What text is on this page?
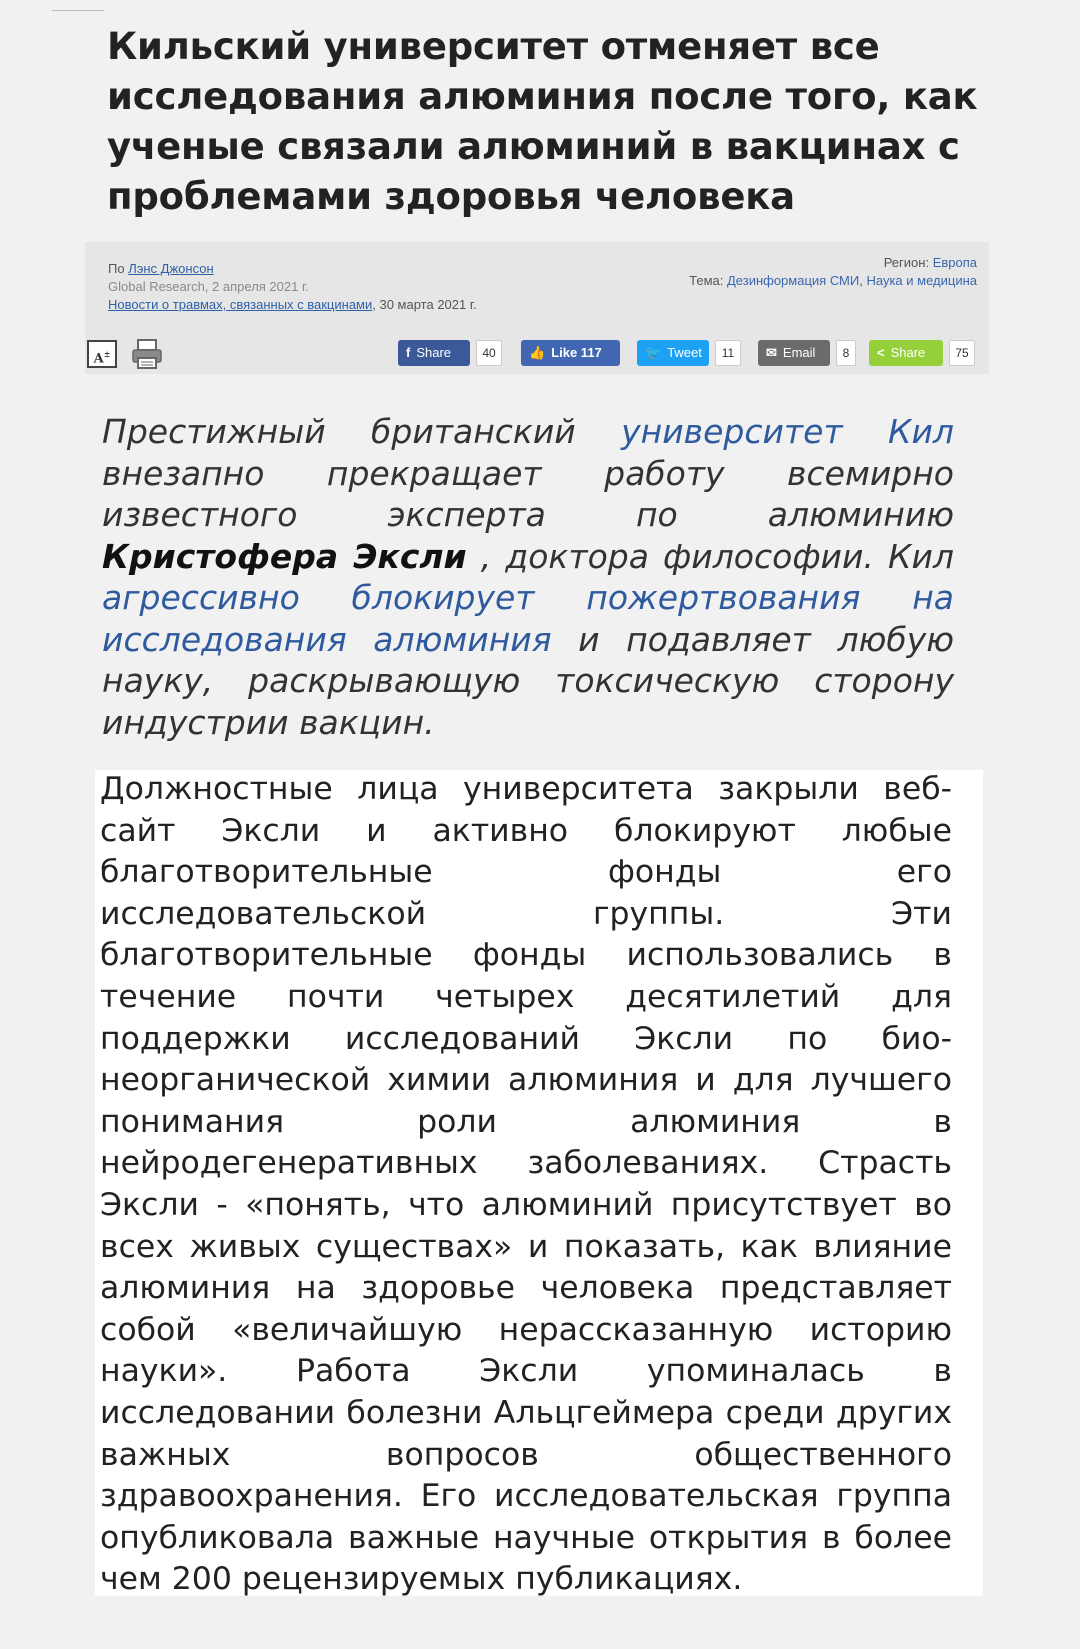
Кильский университет отменяет все исследования алюминия после того, как ученые связали алюминий в вакцинах с проблемами здоровья человека
По Лэнс Джонсон
Global Research, 2 апреля 2021 г.
Новости о травмах, связанных с вакцинами, 30 марта 2021 г.
Регион: Европа
Тема: Дезинформация СМИ, Наука и медицина
A±	f Share	40	👍 Like 117	🐦 Tweet	11	✉ Email	8	< Share	75

Престижный британский университет Кил внезапно прекращает работу всемирно известного эксперта по алюминию Кристофера Эксли , доктора философии. Кил агрессивно блокирует пожертвования на исследования алюминия и подавляет любую науку, раскрывающую токсическую сторону индустрии вакцин.

Должностные лица университета закрыли веб-сайт Эксли и активно блокируют любые благотворительные фонды его исследовательской группы. Эти благотворительные фонды использовались в течение почти четырех десятилетий для поддержки исследований Эксли по био-неорганической химии алюминия и для лучшего понимания роли алюминия в нейродегенеративных заболеваниях. Страсть Эксли - «понять, что алюминий присутствует во всех живых существах» и показать, как влияние алюминия на здоровье человека представляет собой «величайшую нерассказанную историю науки». Работа Эксли упоминалась в исследовании болезни Альцгеймера среди других важных вопросов общественного здравоохранения. Его исследовательская группа опубликовала важные научные открытия в более чем 200 рецензируемых публикациях.
